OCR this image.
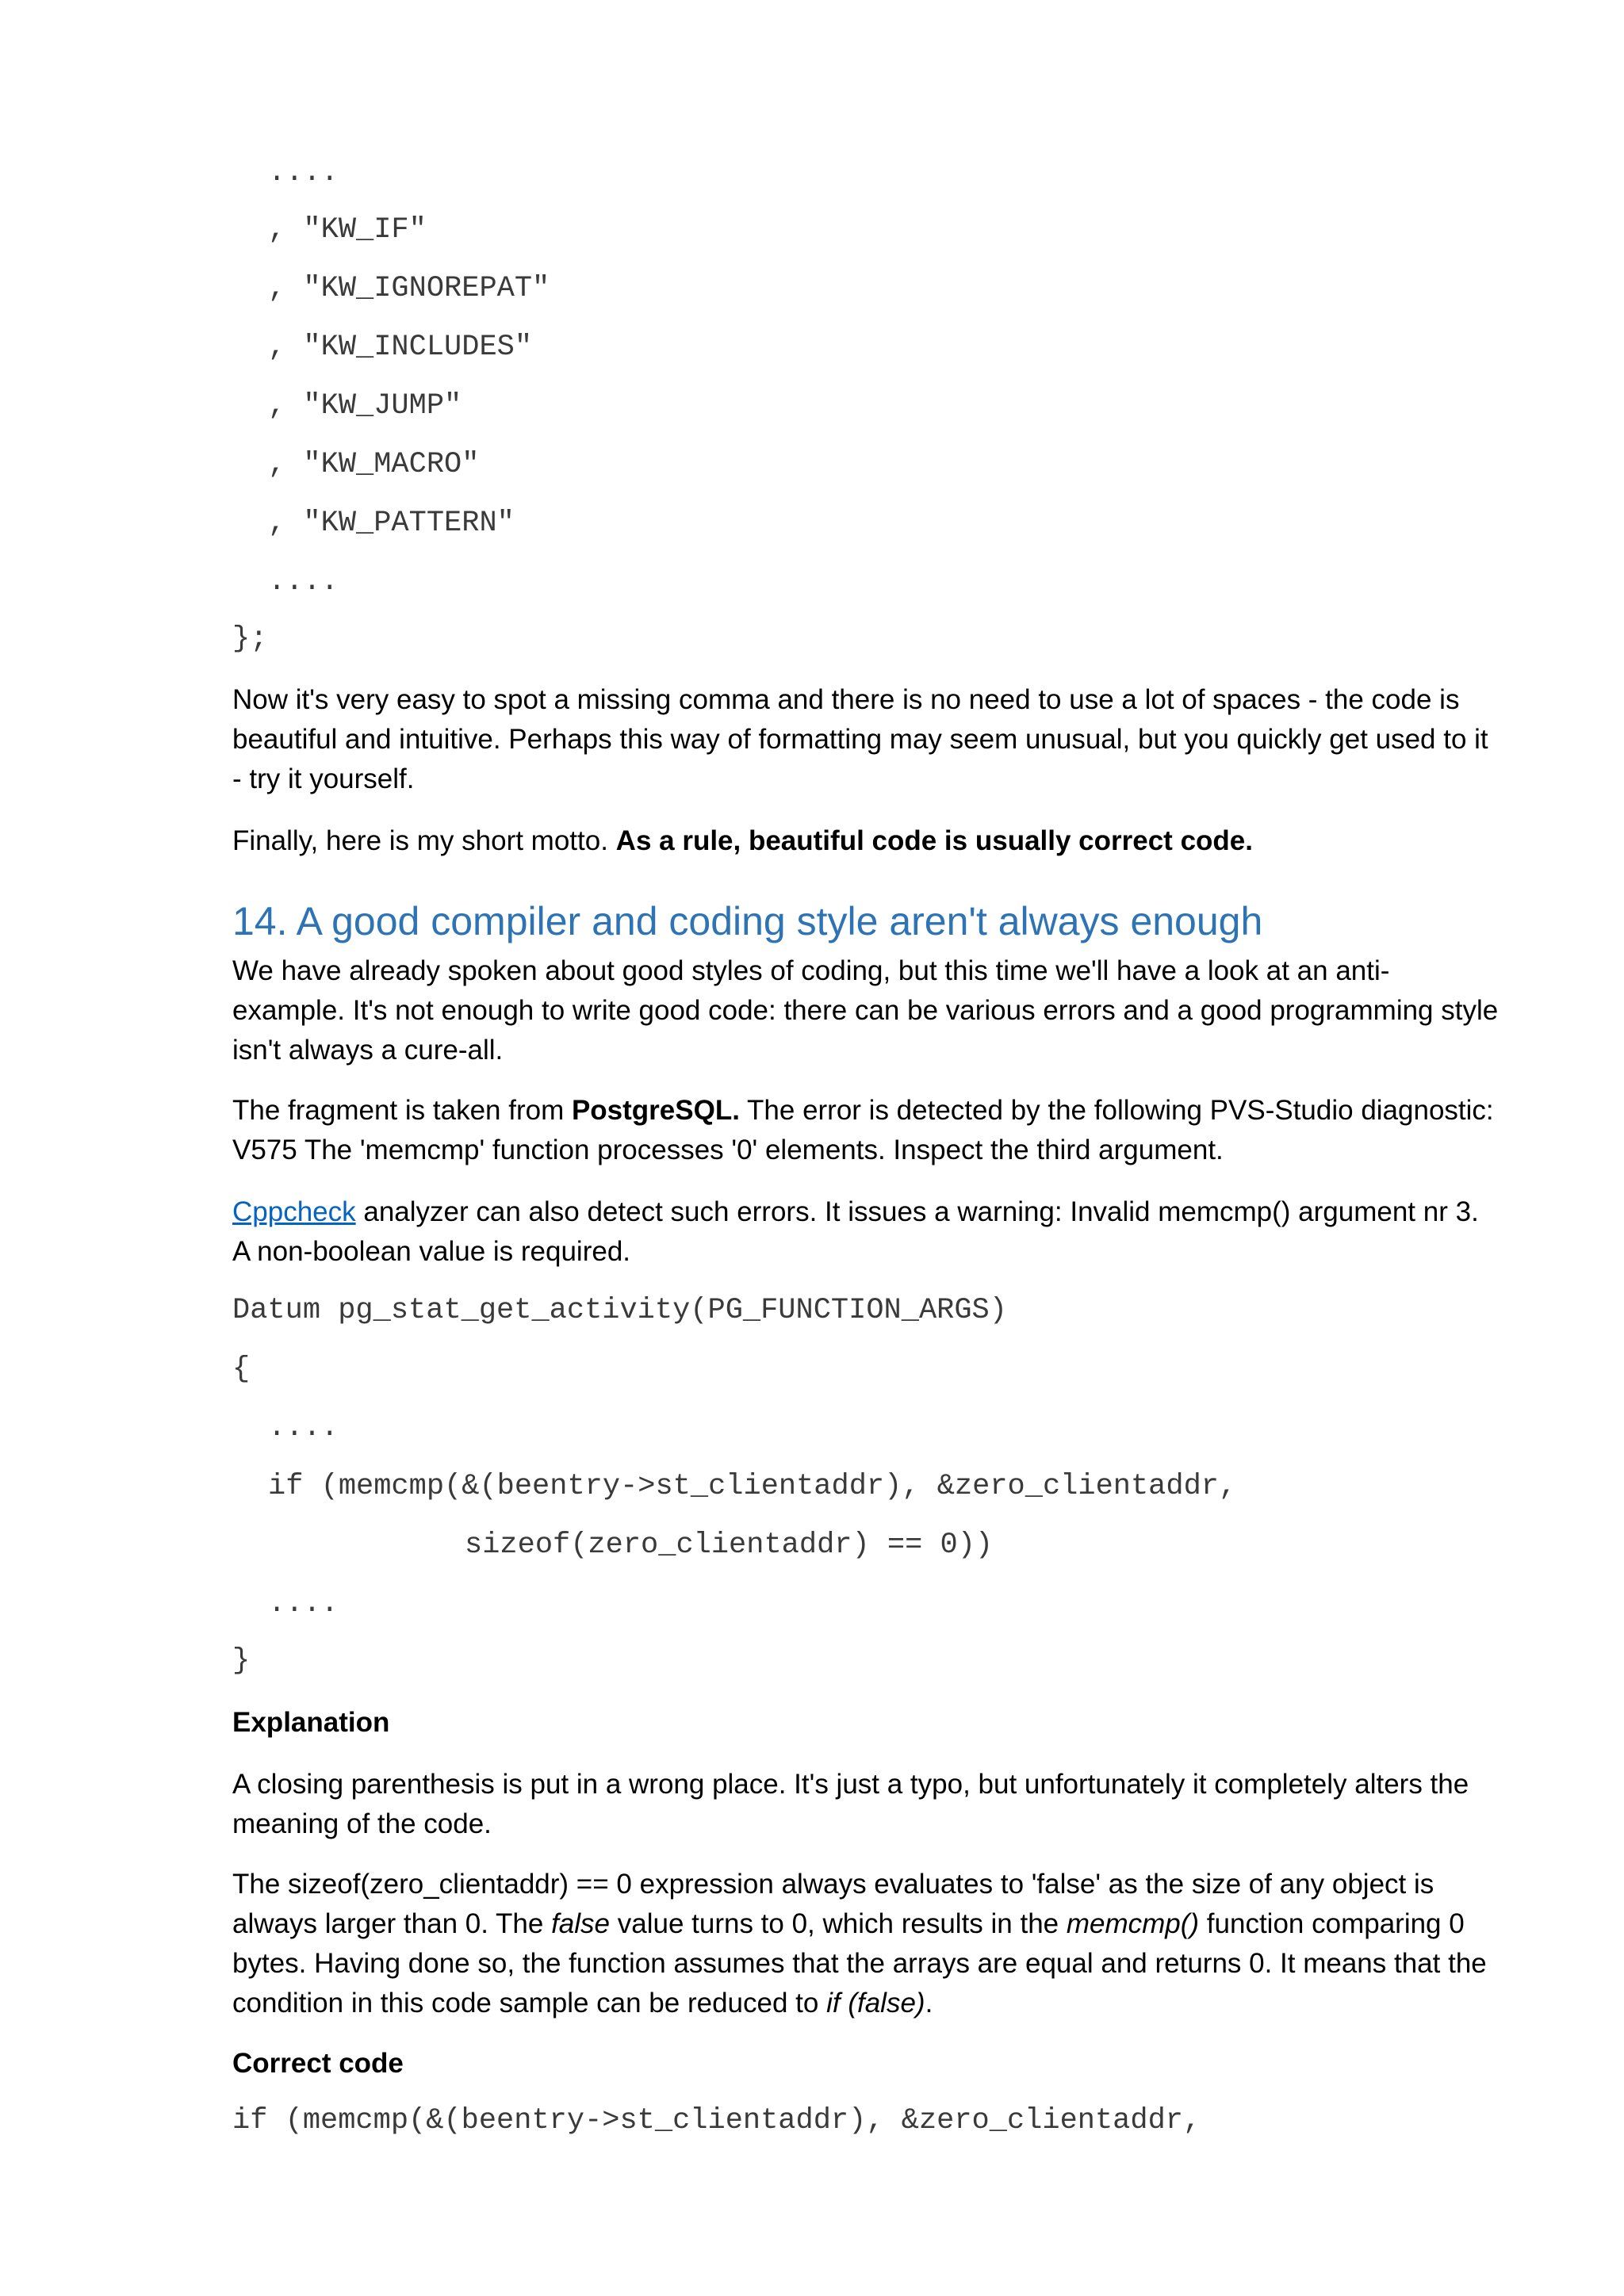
....
, "KW_IF"
, "KW_IGNOREPAT"
, "KW_INCLUDES"
, "KW_JUMP"
, "KW_MACRO"
, "KW_PATTERN"
....
};
Now it's very easy to spot a missing comma and there is no need to use a lot of spaces - the code is beautiful and intuitive. Perhaps this way of formatting may seem unusual, but you quickly get used to it - try it yourself.
Finally, here is my short motto. As a rule, beautiful code is usually correct code.
14. A good compiler and coding style aren't always enough
We have already spoken about good styles of coding, but this time we'll have a look at an anti-example. It's not enough to write good code: there can be various errors and a good programming style isn't always a cure-all.
The fragment is taken from PostgreSQL. The error is detected by the following PVS-Studio diagnostic: V575 The 'memcmp' function processes '0' elements. Inspect the third argument.
Cppcheck analyzer can also detect such errors. It issues a warning: Invalid memcmp() argument nr 3. A non-boolean value is required.
Datum pg_stat_get_activity(PG_FUNCTION_ARGS)
{
....
if (memcmp(&(beentry->st_clientaddr), &zero_clientaddr,
sizeof(zero_clientaddr) == 0))
....
}
Explanation
A closing parenthesis is put in a wrong place. It's just a typo, but unfortunately it completely alters the meaning of the code.
The sizeof(zero_clientaddr) == 0 expression always evaluates to 'false' as the size of any object is always larger than 0. The false value turns to 0, which results in the memcmp() function comparing 0 bytes. Having done so, the function assumes that the arrays are equal and returns 0. It means that the condition in this code sample can be reduced to if (false).
Correct code
if (memcmp(&(beentry->st_clientaddr), &zero_clientaddr,
